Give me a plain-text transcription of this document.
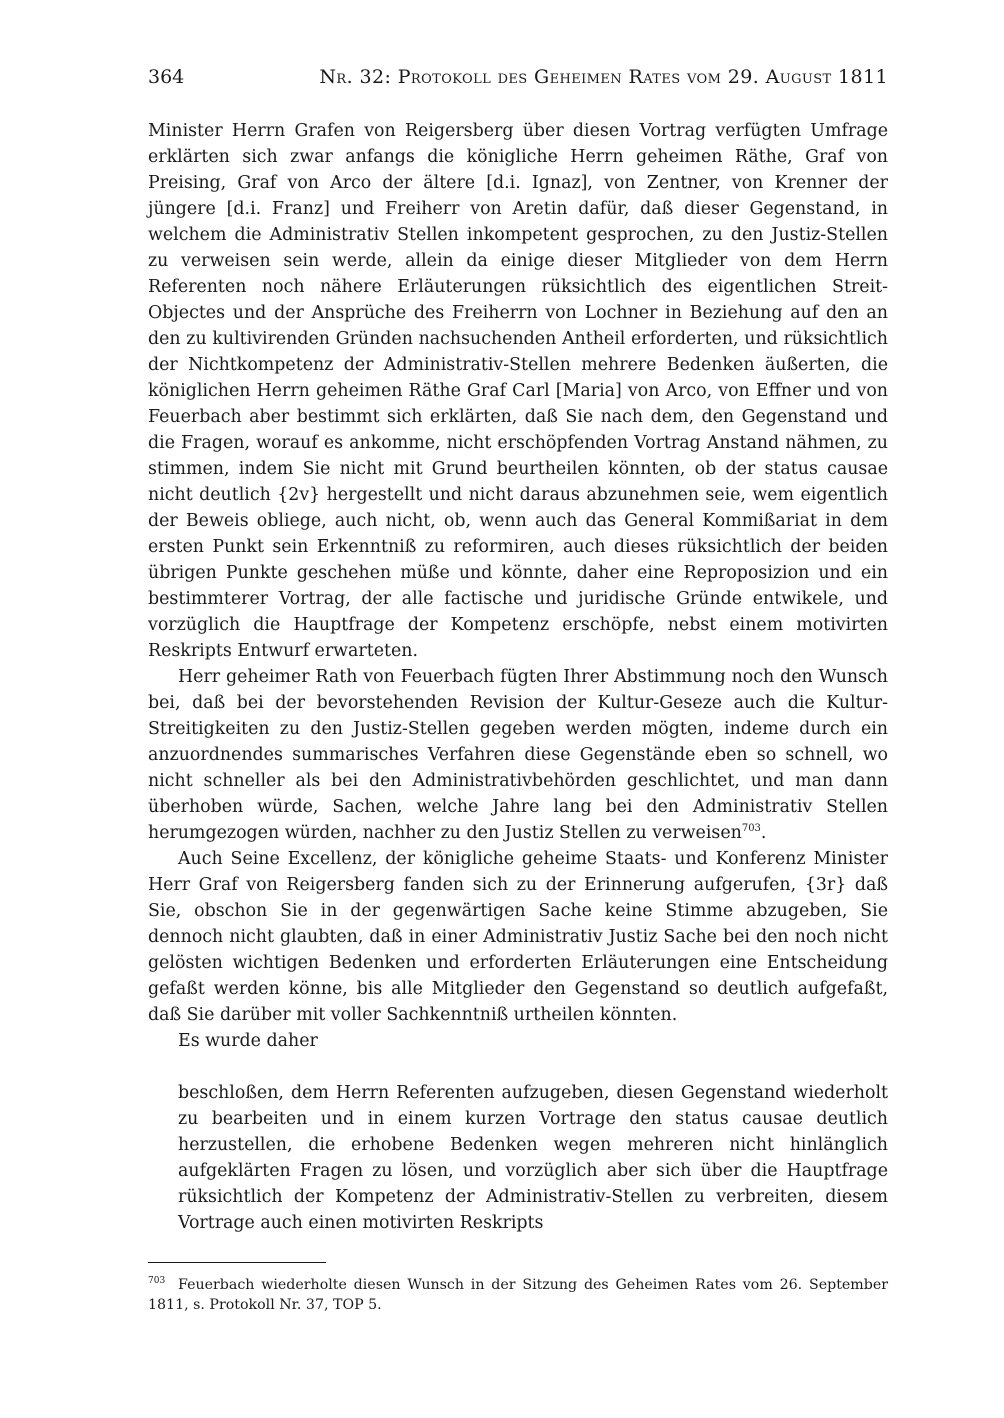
364	Nr. 32: Protokoll des Geheimen Rates vom 29. August 1811

Minister Herrn Grafen von Reigersberg über diesen Vortrag verfügten Umfrage erklärten sich zwar anfangs die königliche Herrn geheimen Räthe, Graf von Preising, Graf von Arco der ältere [d.i. Ignaz], von Zentner, von Krenner der jüngere [d.i. Franz] und Freiherr von Aretin dafür, daß dieser Gegenstand, in welchem die Administrativ Stellen inkompetent gesprochen, zu den Justiz-Stellen zu verweisen sein werde, allein da einige dieser Mitglieder von dem Herrn Referenten noch nähere Erläuterungen rüksichtlich des eigentlichen Streit-Objectes und der Ansprüche des Freiherrn von Lochner in Beziehung auf den an den zu kultivirenden Gründen nachsuchenden Antheil erforderten, und rüksichtlich der Nichtkompetenz der Administrativ-Stellen mehrere Bedenken äußerten, die königlichen Herrn geheimen Räthe Graf Carl [Maria] von Arco, von Effner und von Feuerbach aber bestimmt sich erklärten, daß Sie nach dem, den Gegenstand und die Fragen, worauf es ankomme, nicht erschöpfenden Vortrag Anstand nähmen, zu stimmen, indem Sie nicht mit Grund beurtheilen könnten, ob der status causae nicht deutlich {2v} hergestellt und nicht daraus abzunehmen seie, wem eigentlich der Beweis obliege, auch nicht, ob, wenn auch das General Kommißariat in dem ersten Punkt sein Erkenntniß zu reformiren, auch dieses rüksichtlich der beiden übrigen Punkte geschehen müße und könnte, daher eine Reproposizion und ein bestimmterer Vortrag, der alle factische und juridische Gründe entwikele, und vorzüglich die Hauptfrage der Kompetenz erschöpfe, nebst einem motivirten Reskripts Entwurf erwarteten.

Herr geheimer Rath von Feuerbach fügten Ihrer Abstimmung noch den Wunsch bei, daß bei der bevorstehenden Revision der Kultur-Geseze auch die Kultur-Streitigkeiten zu den Justiz-Stellen gegeben werden mögten, indeme durch ein anzuordnendes summarisches Verfahren diese Gegenstände eben so schnell, wo nicht schneller als bei den Administrativbehörden geschlichtet, und man dann überhoben würde, Sachen, welche Jahre lang bei den Administrativ Stellen herumgezogen würden, nachher zu den Justiz Stellen zu verweisen$^{703}$.

Auch Seine Excellenz, der königliche geheime Staats- und Konferenz Minister Herr Graf von Reigersberg fanden sich zu der Erinnerung aufgerufen, {3r} daß Sie, obschon Sie in der gegenwärtigen Sache keine Stimme abzugeben, Sie dennoch nicht glaubten, daß in einer Administrativ Justiz Sache bei den noch nicht gelösten wichtigen Bedenken und erforderten Erläuterungen eine Entscheidung gefaßt werden könne, bis alle Mitglieder den Gegenstand so deutlich aufgefaßt, daß Sie darüber mit voller Sachkenntniß urtheilen könnten.

Es wurde daher

beschloßen, dem Herrn Referenten aufzugeben, diesen Gegenstand wiederholt zu bearbeiten und in einem kurzen Vortrage den status causae deutlich herzustellen, die erhobene Bedenken wegen mehreren nicht hinlänglich aufgeklärten Fragen zu lösen, und vorzüglich aber sich über die Hauptfrage rüksichtlich der Kompetenz der Administrativ-Stellen zu verbreiten, diesem Vortrage auch einen motivirten Reskripts

703 Feuerbach wiederholte diesen Wunsch in der Sitzung des Geheimen Rates vom 26. September 1811, s. Protokoll Nr. 37, TOP 5.
